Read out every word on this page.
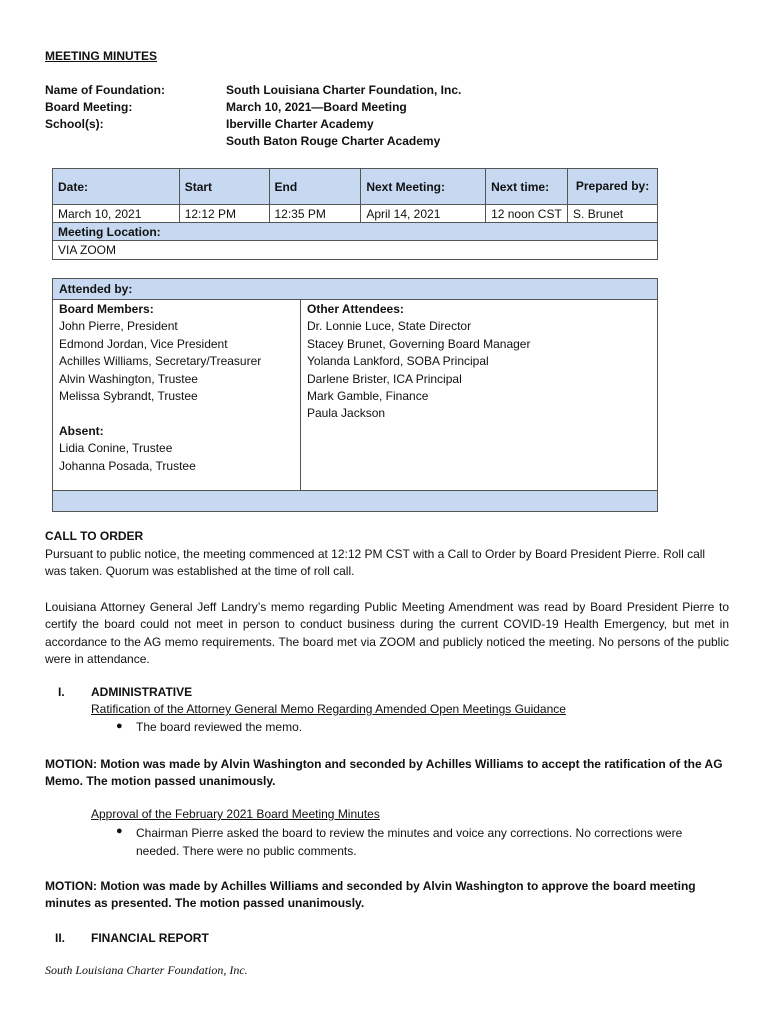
MEETING MINUTES
Name of Foundation:	South Louisiana Charter Foundation, Inc.
Board Meeting:	March 10, 2021—Board Meeting
School(s):	Iberville Charter Academy
South Baton Rouge Charter Academy
Date:	Start	End	Next Meeting:	Next time:	Prepared by:
March 10, 2021	12:12 PM	12:35 PM	April 14, 2021	12 noon CST	S. Brunet
Meeting Location:					
VIA ZOOM					
Attended by:
Board Members:
John Pierre, President
Edmond Jordan, Vice President
Achilles Williams, Secretary/Treasurer
Alvin Washington, Trustee
Melissa Sybrandt, Trustee
Absent:
Lidia Conine, Trustee
Johanna Posada, Trustee
Other Attendees:
Dr. Lonnie Luce, State Director
Stacey Brunet, Governing Board Manager
Yolanda Lankford, SOBA Principal
Darlene Brister, ICA Principal
Mark Gamble, Finance
Paula Jackson
CALL TO ORDER
Pursuant to public notice, the meeting commenced at 12:12 PM CST with a Call to Order by Board President Pierre. Roll call was taken. Quorum was established at the time of roll call.
Louisiana Attorney General Jeff Landry’s memo regarding Public Meeting Amendment was read by Board President Pierre to certify the board could not meet in person to conduct business during the current COVID-19 Health Emergency, but met in accordance to the AG memo requirements. The board met via ZOOM and publicly noticed the meeting. No persons of the public were in attendance.
I. ADMINISTRATIVE
Ratification of the Attorney General Memo Regarding Amended Open Meetings Guidance
● The board reviewed the memo.
MOTION: Motion was made by Alvin Washington and seconded by Achilles Williams to accept the ratification of the AG Memo. The motion passed unanimously.
Approval of the February 2021 Board Meeting Minutes
● Chairman Pierre asked the board to review the minutes and voice any corrections. No corrections were needed. There were no public comments.
MOTION: Motion was made by Achilles Williams and seconded by Alvin Washington to approve the board meeting minutes as presented. The motion passed unanimously.
II. FINANCIAL REPORT
South Louisiana Charter Foundation, Inc.
